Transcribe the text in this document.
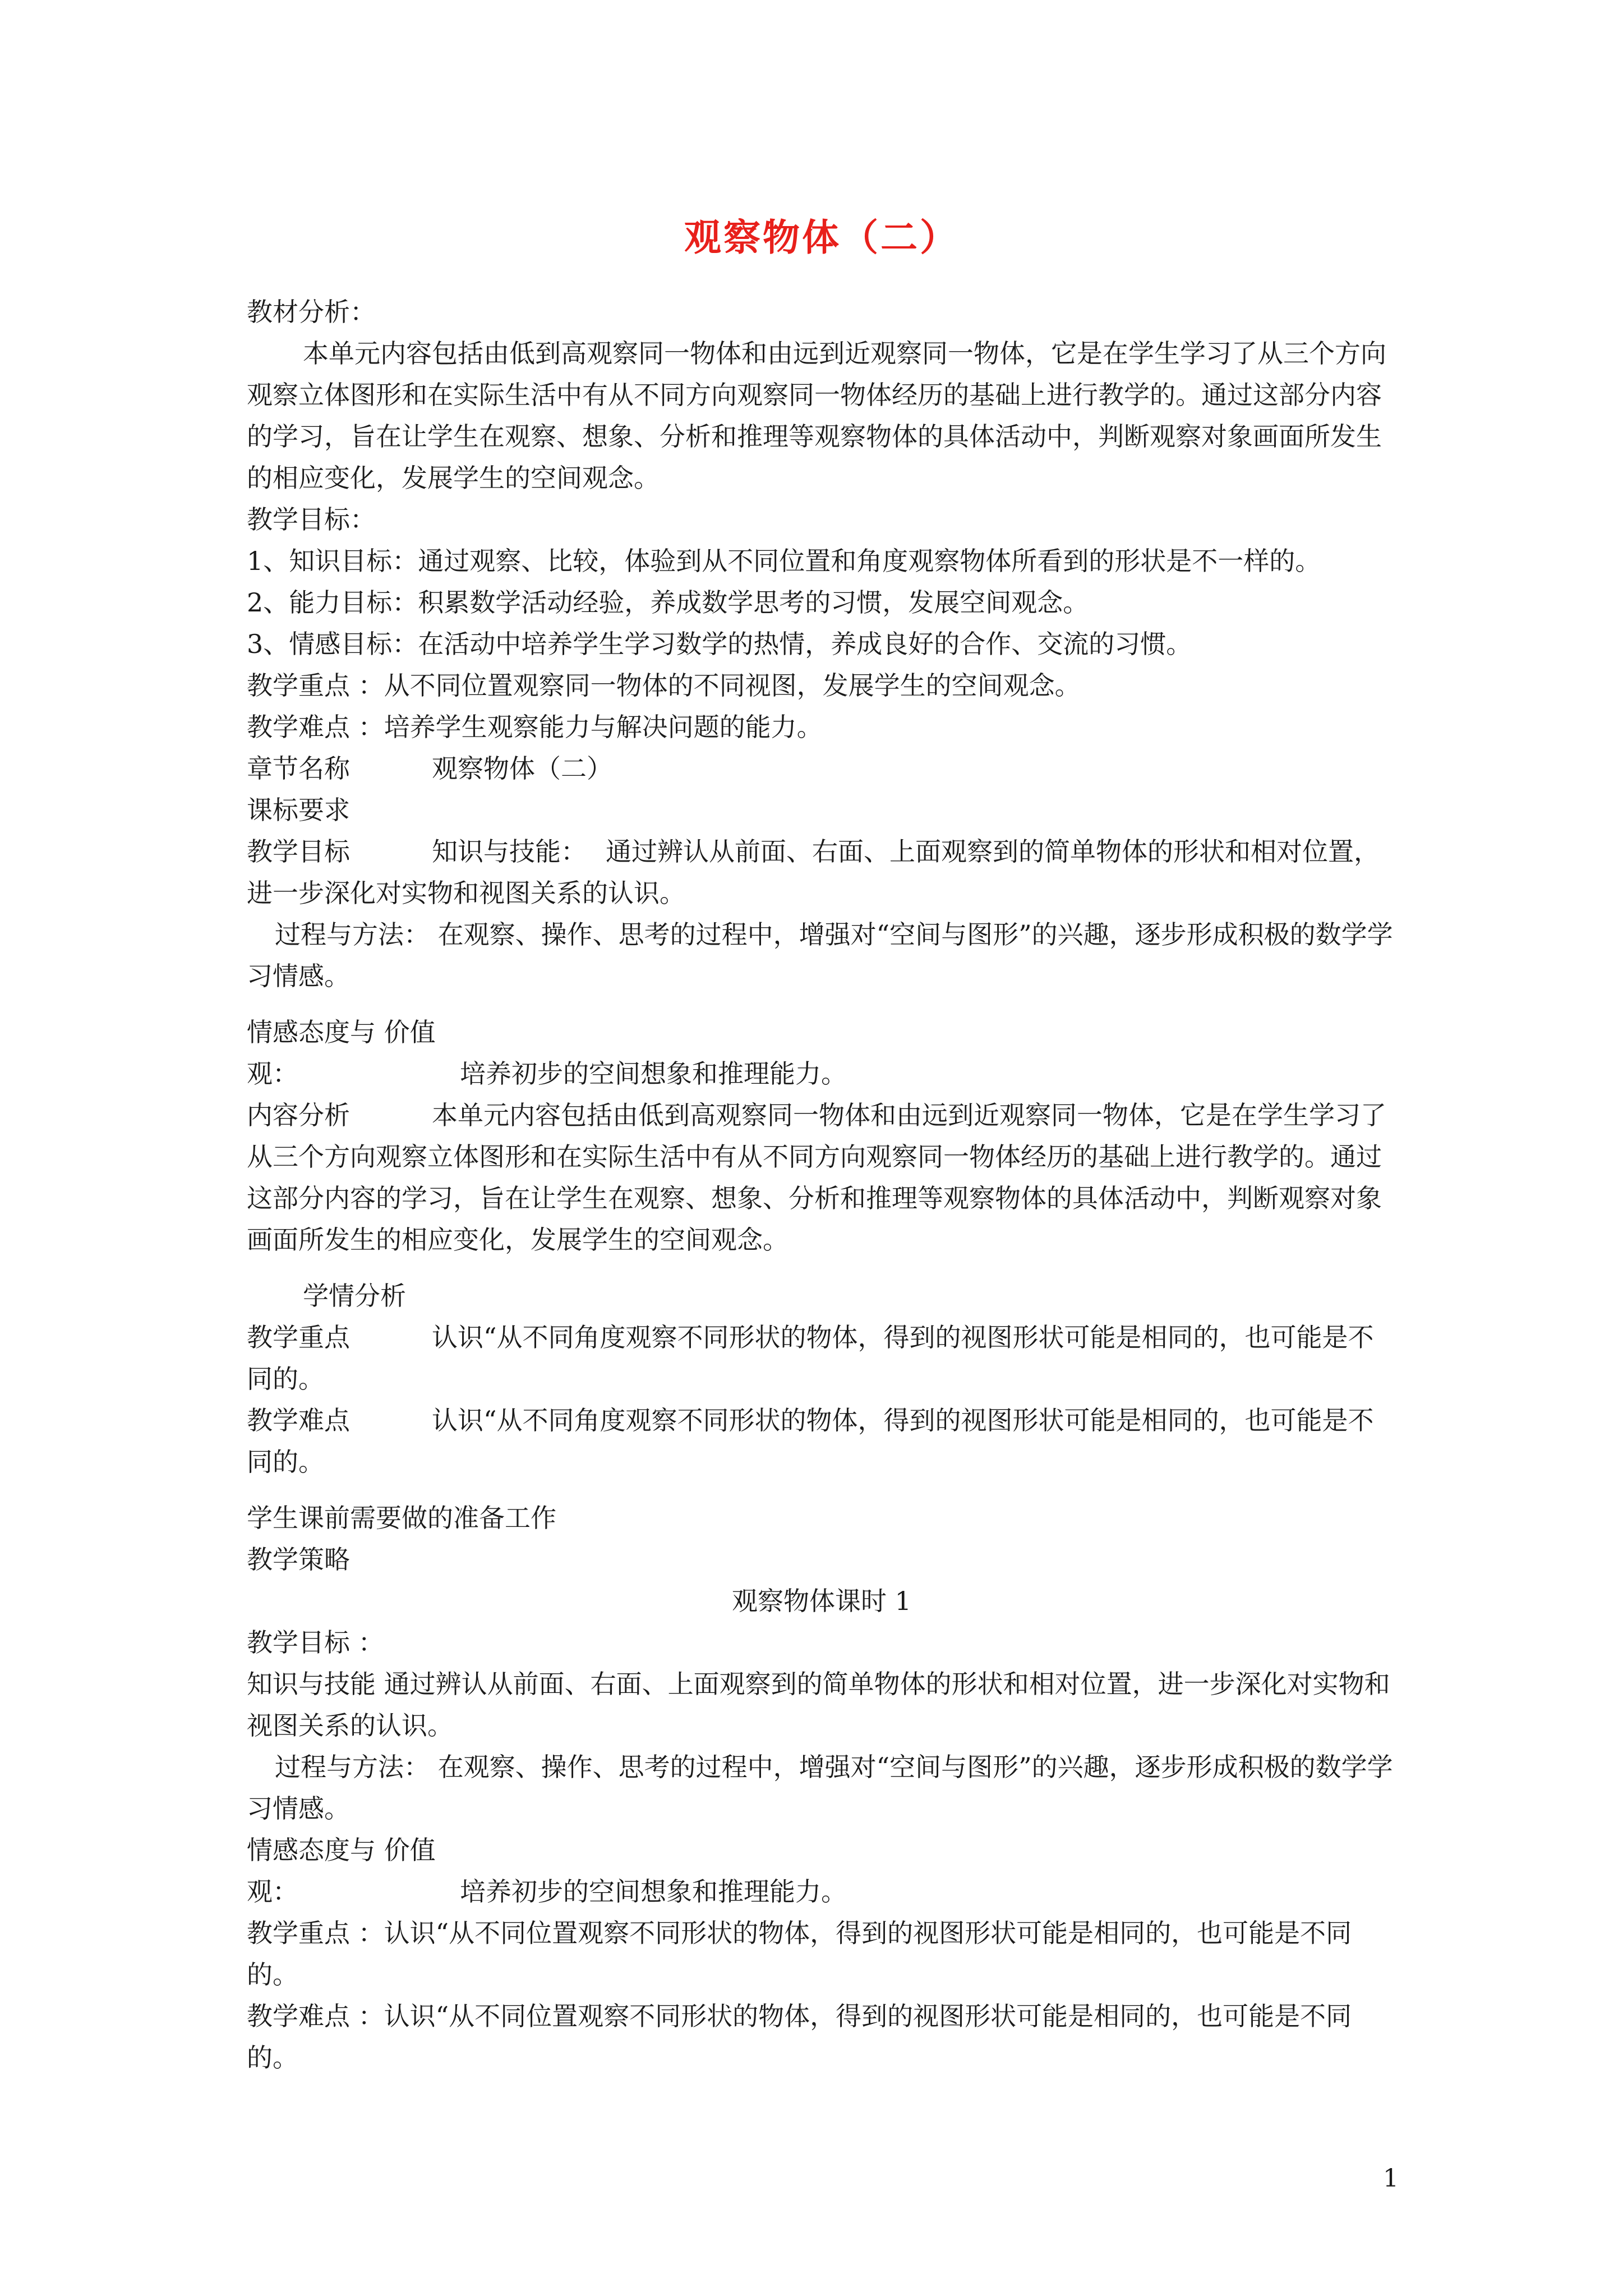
观察物体（二）

教材分析：

本单元内容包括由低到高观察同一物体和由远到近观察同一物体，它是在学生学习了从三个方向观察立体图形和在实际生活中有从不同方向观察同一物体经历的基础上进行教学的。通过这部分内容的学习，旨在让学生在观察、想象、分析和推理等观察物体的具体活动中，判断观察对象画面所发生的相应变化，发展学生的空间观念。

教学目标：

1、知识目标：通过观察、比较，体验到从不同位置和角度观察物体所看到的形状是不一样的。

2、能力目标：积累数学活动经验，养成数学思考的习惯，发展空间观念。

3、情感目标：在活动中培养学生学习数学的热情，养成良好的合作、交流的习惯。

教学重点 ：从不同位置观察同一物体的不同视图，发展学生的空间观念。

教学难点 ：培养学生观察能力与解决问题的能力。

章节名称	观察物体（二）

课标要求

教学目标	知识与技能： 通过辨认从前面、右面、上面观察到的简单物体的形状和相对位置，进一步深化对实物和视图关系的认识。

过程与方法： 在观察、操作、思考的过程中，增强对“空间与图形”的兴趣，逐步形成积极的数学学习情感。

情感态度与 价值观：	培养初步的空间想象和推理能力。

内容分析	本单元内容包括由低到高观察同一物体和由远到近观察同一物体，它是在学生学习了从三个方向观察立体图形和在实际生活中有从不同方向观察同一物体经历的基础上进行教学的。通过这部分内容的学习，旨在让学生在观察、想象、分析和推理等观察物体的具体活动中，判断观察对象画面所发生的相应变化，发展学生的空间观念。

学情分析

教学重点	认识“从不同角度观察不同形状的物体，得到的视图形状可能是相同的，也可能是不同的。

教学难点	认识“从不同角度观察不同形状的物体，得到的视图形状可能是相同的，也可能是不同的。

学生课前需要做的准备工作

教学策略

观察物体课时 1

教学目标 ：

知识与技能 通过辨认从前面、右面、上面观察到的简单物体的形状和相对位置，进一步深化对实物和视图关系的认识。

过程与方法： 在观察、操作、思考的过程中，增强对“空间与图形”的兴趣，逐步形成积极的数学学习情感。

情感态度与 价值观：	培养初步的空间想象和推理能力。

教学重点 ：认识“从不同位置观察不同形状的物体，得到的视图形状可能是相同的，也可能是不同的。

教学难点 ：认识“从不同位置观察不同形状的物体，得到的视图形状可能是相同的，也可能是不同的。

1
